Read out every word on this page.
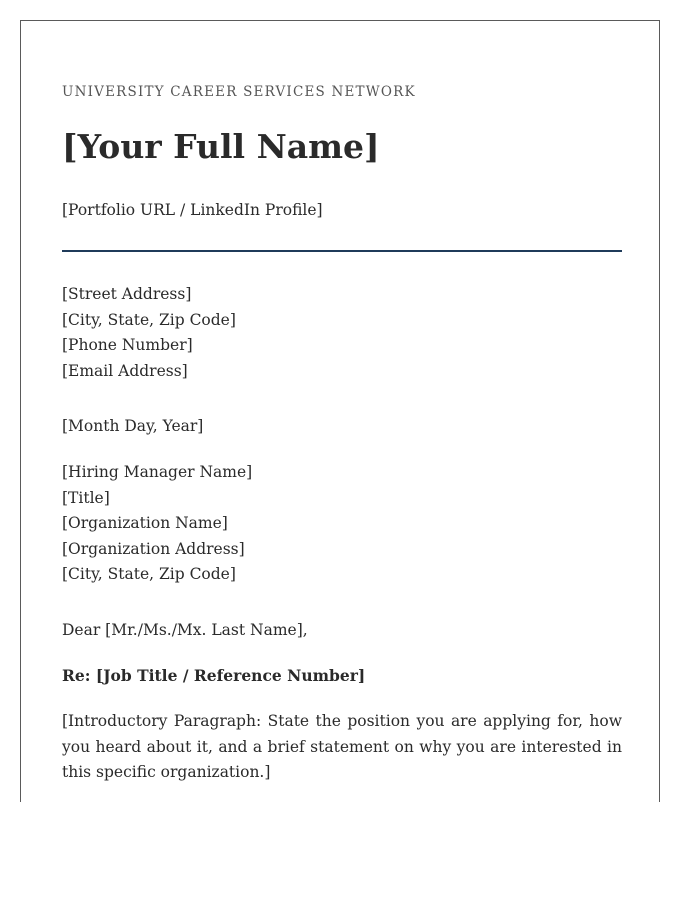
UNIVERSITY CAREER SERVICES NETWORK
[Your Full Name]
[Portfolio URL / LinkedIn Profile]
[Street Address]
[City, State, Zip Code]
[Phone Number]
[Email Address]
[Month Day, Year]
[Hiring Manager Name]
[Title]
[Organization Name]
[Organization Address]
[City, State, Zip Code]
Dear [Mr./Ms./Mx. Last Name],
Re: [Job Title / Reference Number]
[Introductory Paragraph: State the position you are applying for, how you heard about it, and a brief statement on why you are interested in this specific organization.]
